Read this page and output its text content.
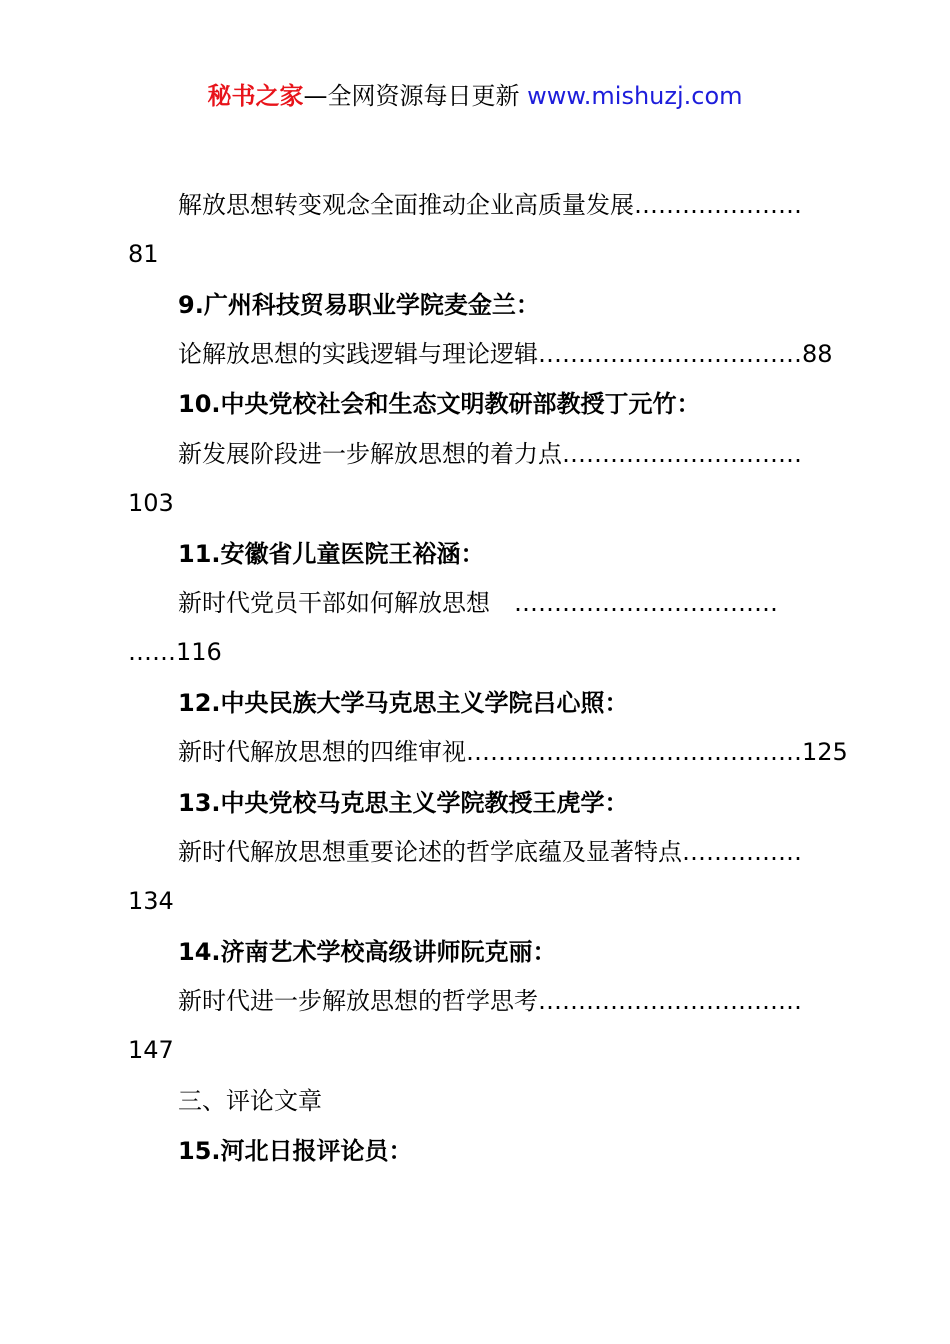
秘书之家—全网资源每日更新 www.mishuzj.com
解放思想转变观念全面推动企业高质量发展…………………
81
9.广州科技贸易职业学院麦金兰：
论解放思想的实践逻辑与理论逻辑……………………………88
10.中央党校社会和生态文明教研部教授丁元竹：
新发展阶段进一步解放思想的着力点…………………………
103
11.安徽省儿童医院王裕涵：
新时代党员干部如何解放思想　……………………………
……116
12.中央民族大学马克思主义学院吕心照：
新时代解放思想的四维审视……………………………………125
13.中央党校马克思主义学院教授王虎学：
新时代解放思想重要论述的哲学底蕴及显著特点……………
134
14.济南艺术学校高级讲师阮克丽：
新时代进一步解放思想的哲学思考……………………………
147
三、评论文章
15.河北日报评论员：
